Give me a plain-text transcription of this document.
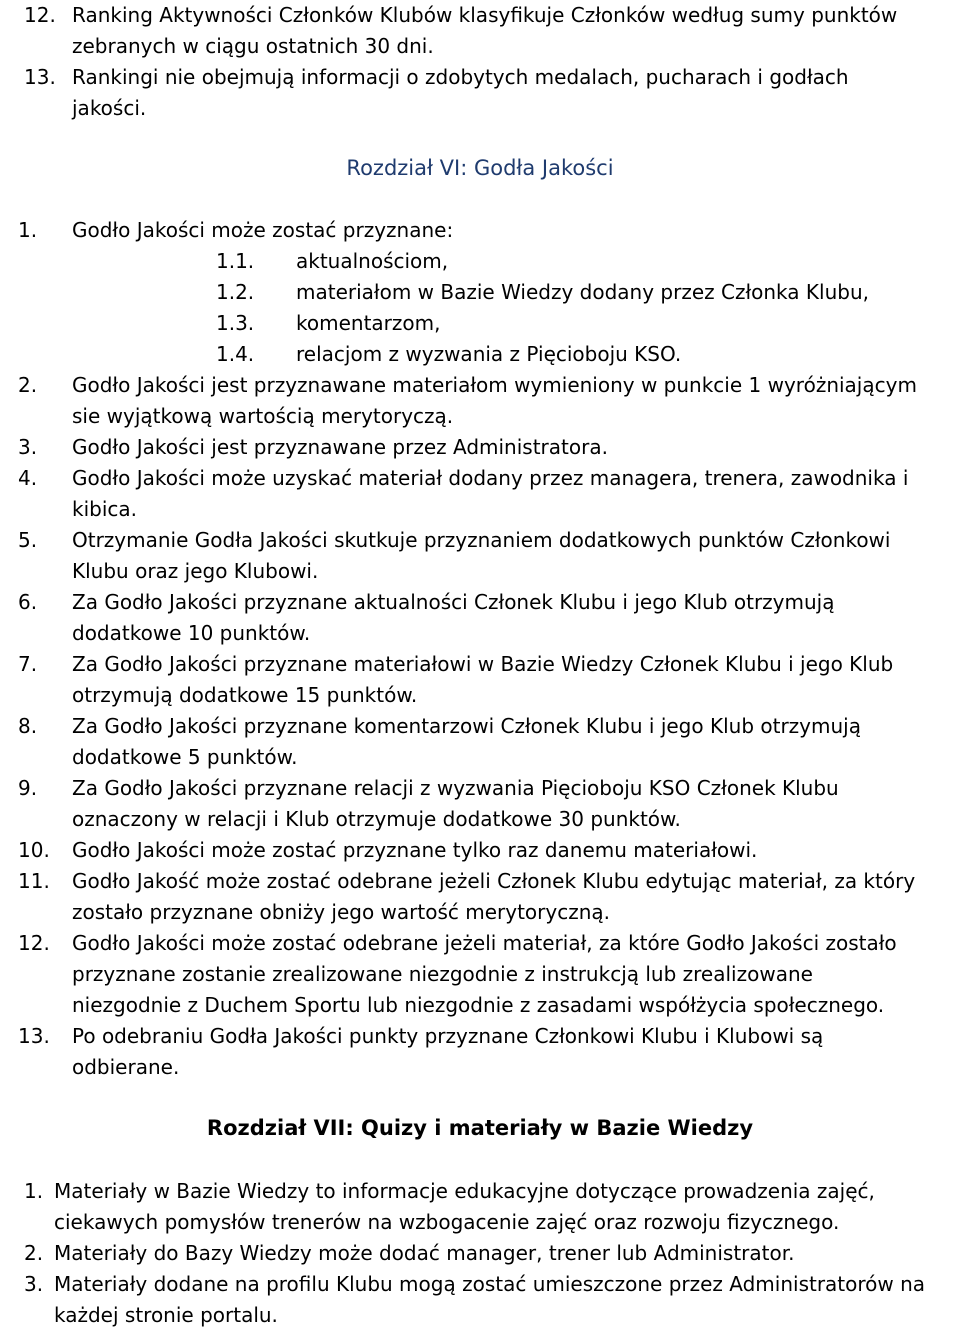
12. Ranking Aktywności Członków Klubów klasyfikuje Członków według sumy punktów
zebranych w ciągu ostatnich 30 dni.
13. Rankingi nie obejmują informacji o zdobytych medalach, pucharach i godłach
jakości.
Rozdział VI: Godła Jakości
1. Godło Jakości może zostać przyznane:
1.1. aktualnościom,
1.2. materiałom w Bazie Wiedzy dodany przez Członka Klubu,
1.3. komentarzom,
1.4. relacjom z wyzwania z Pięcioboju KSO.
2. Godło Jakości jest przyznawane materiałom wymieniony w punkcie 1 wyróżniającym
sie wyjątkową wartością merytoryczą.
3. Godło Jakości jest przyznawane przez Administratora.
4. Godło Jakości może uzyskać materiał dodany przez managera, trenera, zawodnika i
kibica.
5. Otrzymanie Godła Jakości skutkuje przyznaniem dodatkowych punktów Członkowi
Klubu oraz jego Klubowi.
6. Za Godło Jakości przyznane aktualności Członek Klubu i jego Klub otrzymują
dodatkowe 10 punktów.
7. Za Godło Jakości przyznane materiałowi w Bazie Wiedzy Członek Klubu i jego Klub
otrzymują dodatkowe 15 punktów.
8. Za Godło Jakości przyznane komentarzowi Członek Klubu i jego Klub otrzymują
dodatkowe 5 punktów.
9. Za Godło Jakości przyznane relacji z wyzwania Pięcioboju KSO Członek Klubu
oznaczony w relacji i Klub otrzymuje dodatkowe 30 punktów.
10. Godło Jakości może zostać przyznane tylko raz danemu materiałowi.
11. Godło Jakość może zostać odebrane jeżeli Członek Klubu edytując materiał, za który
zostało przyznane obniży jego wartość merytoryczną.
12. Godło Jakości może zostać odebrane jeżeli materiał, za które Godło Jakości zostało
przyznane zostanie zrealizowane niezgodnie z instrukcją lub zrealizowane
niezgodnie z Duchem Sportu lub niezgodnie z zasadami współżycia społecznego.
13. Po odebraniu Godła Jakości punkty przyznane Członkowi Klubu i Klubowi są
odbierane.
Rozdział VII: Quizy i materiały w Bazie Wiedzy
1. Materiały w Bazie Wiedzy to informacje edukacyjne dotyczące prowadzenia zajęć,
ciekawych pomysłów trenerów na wzbogacenie zajęć oraz rozwoju fizycznego.
2. Materiały do Bazy Wiedzy może dodać manager, trener lub Administrator.
3. Materiały dodane na profilu Klubu mogą zostać umieszczone przez Administratorów na
każdej stronie portalu.
